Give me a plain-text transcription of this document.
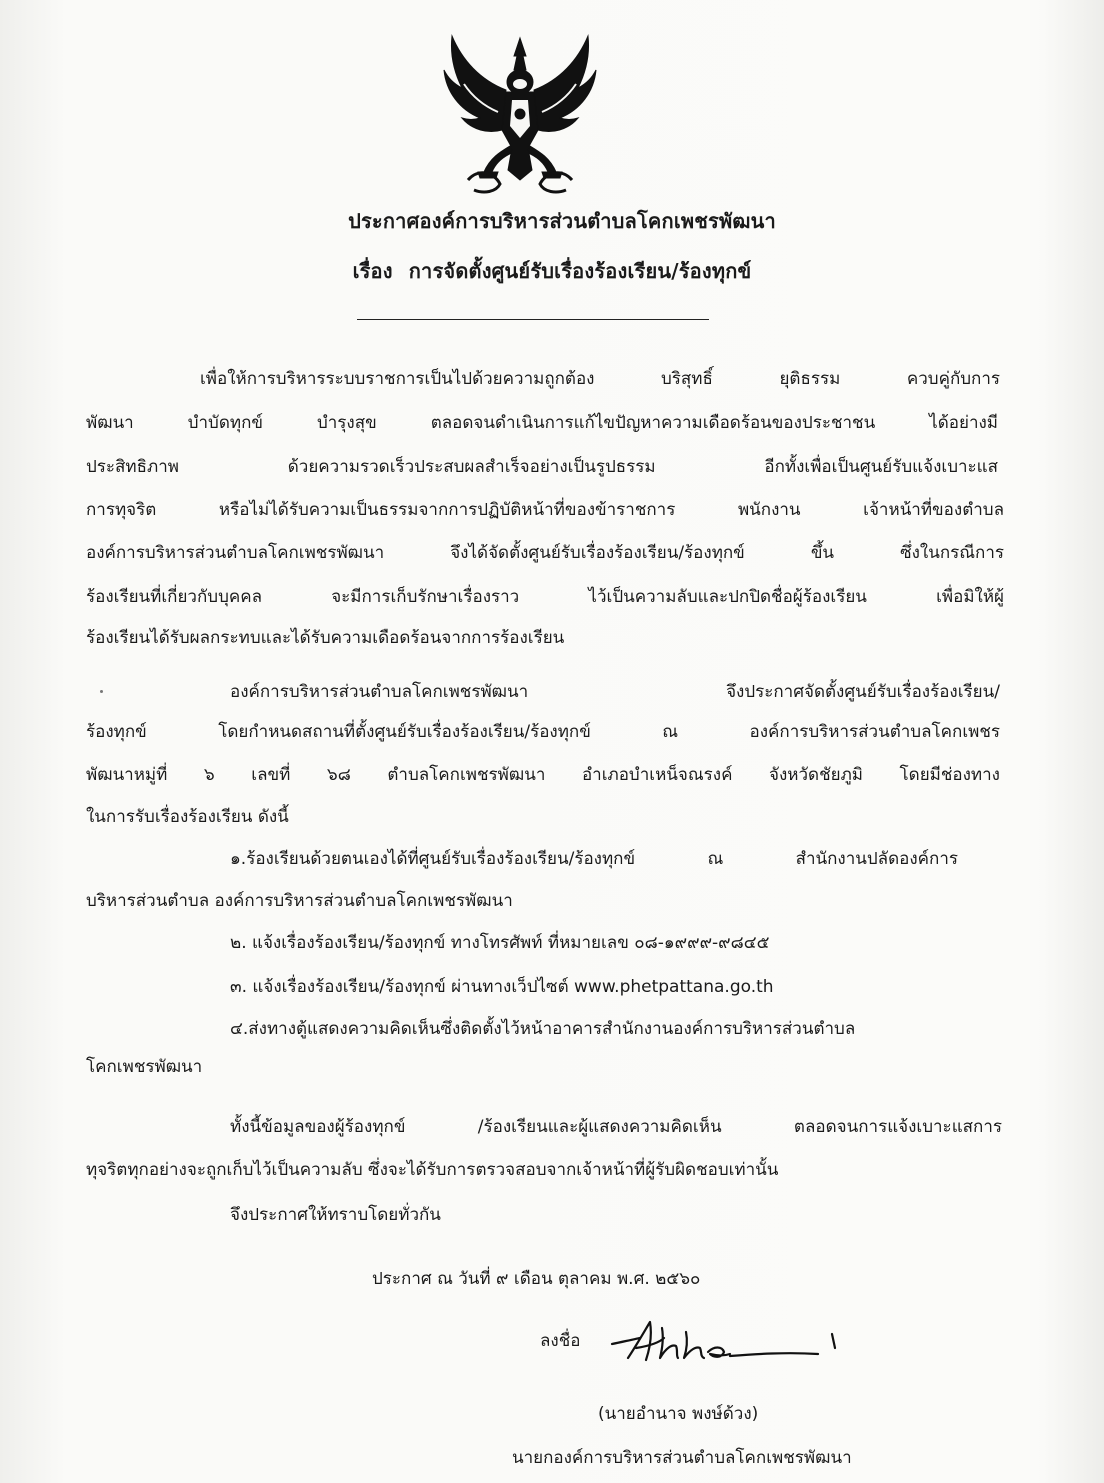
ประกาศองค์การบริหารส่วนตำบลโคกเพชรพัฒนา
เรื่อง การจัดตั้งศูนย์รับเรื่องร้องเรียน/ร้องทุกข์
เพื่อให้การบริหารระบบราชการเป็นไปด้วยความถูกต้อง บริสุทธิ์ ยุติธรรม ควบคู่กับการ
พัฒนา บำบัดทุกข์ บำรุงสุข ตลอดจนดำเนินการแก้ไขปัญหาความเดือดร้อนของประชาชน ได้อย่างมี
ประสิทธิภาพ ด้วยความรวดเร็วประสบผลสำเร็จอย่างเป็นรูปธรรม อีกทั้งเพื่อเป็นศูนย์รับแจ้งเบาะแส
การทุจริต หรือไม่ได้รับความเป็นธรรมจากการปฏิบัติหน้าที่ของข้าราชการ พนักงาน เจ้าหน้าที่ของตำบล
องค์การบริหารส่วนตำบลโคกเพชรพัฒนา จึงได้จัดตั้งศูนย์รับเรื่องร้องเรียน/ร้องทุกข์ ขึ้น ซึ่งในกรณีการ
ร้องเรียนที่เกี่ยวกับบุคคล จะมีการเก็บรักษาเรื่องราว ไว้เป็นความลับและปกปิดชื่อผู้ร้องเรียน เพื่อมิให้ผู้
ร้องเรียนได้รับผลกระทบและได้รับความเดือดร้อนจากการร้องเรียน
องค์การบริหารส่วนตำบลโคกเพชรพัฒนา จึงประกาศจัดตั้งศูนย์รับเรื่องร้องเรียน/
ร้องทุกข์ โดยกำหนดสถานที่ตั้งศูนย์รับเรื่องร้องเรียน/ร้องทุกข์ ณ องค์การบริหารส่วนตำบลโคกเพชร
พัฒนาหมู่ที่ ๖ เลขที่ ๖๘ ตำบลโคกเพชรพัฒนา อำเภอบำเหน็จณรงค์ จังหวัดชัยภูมิ โดยมีช่องทาง
ในการรับเรื่องร้องเรียน ดังนี้
๑.ร้องเรียนด้วยตนเองได้ที่ศูนย์รับเรื่องร้องเรียน/ร้องทุกข์ ณ สำนักงานปลัดองค์การ
บริหารส่วนตำบล องค์การบริหารส่วนตำบลโคกเพชรพัฒนา
๒. แจ้งเรื่องร้องเรียน/ร้องทุกข์ ทางโทรศัพท์ ที่หมายเลข ๐๘-๑๙๙๙-๙๘๔๕
๓. แจ้งเรื่องร้องเรียน/ร้องทุกข์ ผ่านทางเว็ปไซต์ www.phetpattana.go.th
๔.ส่งทางตู้แสดงความคิดเห็นซึ่งติดตั้งไว้หน้าอาคารสำนักงานองค์การบริหารส่วนตำบล
โคกเพชรพัฒนา
ทั้งนี้ข้อมูลของผู้ร้องทุกข์ /ร้องเรียนและผู้แสดงความคิดเห็น ตลอดจนการแจ้งเบาะแสการ
ทุจริตทุกอย่างจะถูกเก็บไว้เป็นความลับ ซึ่งจะได้รับการตรวจสอบจากเจ้าหน้าที่ผู้รับผิดชอบเท่านั้น
จึงประกาศให้ทราบโดยทั่วกัน
ประกาศ ณ วันที่ ๙ เดือน ตุลาคม พ.ศ. ๒๕๖๐
ลงชื่อ
(นายอำนาจ พงษ์ด้วง)
นายกองค์การบริหารส่วนตำบลโคกเพชรพัฒนา
